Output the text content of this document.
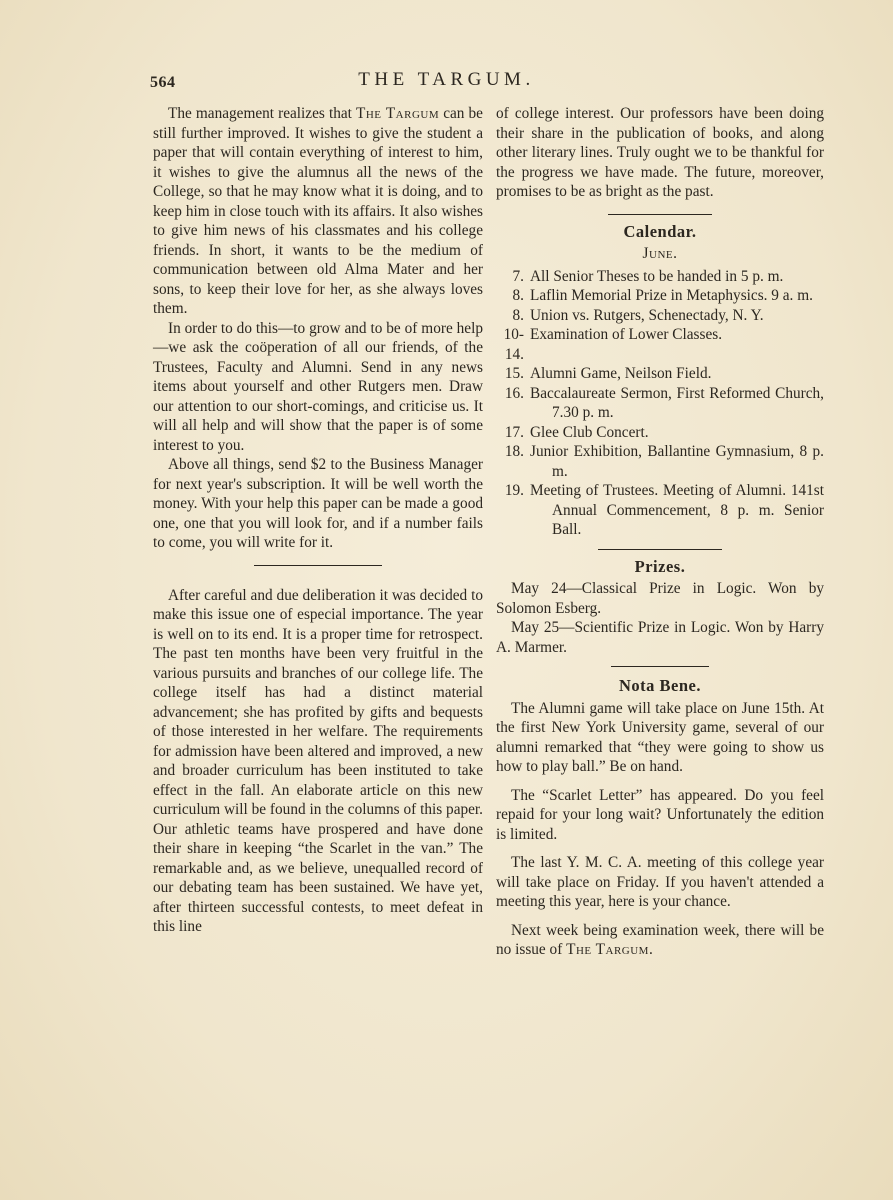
564	THE TARGUM.

The management realizes that The Targum can be still further improved. It wishes to give the student a paper that will contain everything of interest to him, it wishes to give the alumnus all the news of the College, so that he may know what it is doing, and to keep him in close touch with its affairs. It also wishes to give him news of his classmates and his college friends. In short, it wants to be the medium of communication between old Alma Mater and her sons, to keep their love for her, as she always loves them.

In order to do this—to grow and to be of more help—we ask the coöperation of all our friends, of the Trustees, Faculty and Alumni. Send in any news items about yourself and other Rutgers men. Draw our attention to our short-comings, and criticise us. It will all help and will show that the paper is of some interest to you.

Above all things, send $2 to the Business Manager for next year's subscription. It will be well worth the money. With your help this paper can be made a good one, one that you will look for, and if a number fails to come, you will write for it.

After careful and due deliberation it was decided to make this issue one of especial importance. The year is well on to its end. It is a proper time for retrospect. The past ten months have been very fruitful in the various pursuits and branches of our college life. The college itself has had a distinct material advancement; she has profited by gifts and bequests of those interested in her welfare. The requirements for admission have been altered and improved, a new and broader curriculum has been instituted to take effect in the fall. An elaborate article on this new curriculum will be found in the columns of this paper. Our athletic teams have prospered and have done their share in keeping “the Scarlet in the van.” The remarkable and, as we believe, unequalled record of our debating team has been sustained. We have yet, after thirteen successful contests, to meet defeat in this line

of college interest. Our professors have been doing their share in the publication of books, and along other literary lines. Truly ought we to be thankful for the progress we have made. The future, moreover, promises to be as bright as the past.

Calendar.
June.
7. All Senior Theses to be handed in 5 p. m.
8. Laflin Memorial Prize in Metaphysics. 9 a. m.
8. Union vs. Rutgers, Schenectady, N. Y.
10-14.
Examination of Lower Classes.
15. Alumni Game, Neilson Field.
16. Baccalaureate Sermon, First Reformed Church, 7.30 p. m.
17. Glee Club Concert.
18. Junior Exhibition, Ballantine Gymnasium, 8 p. m.
19. Meeting of Trustees. Meeting of Alumni. 141st Annual Commencement, 8 p. m. Senior Ball.
Prizes.

May 24—Classical Prize in Logic. Won by Solomon Esberg.

May 25—Scientific Prize in Logic. Won by Harry A. Marmer.

Nota Bene.

The Alumni game will take place on June 15th. At the first New York University game, several of our alumni remarked that “they were going to show us how to play ball.” Be on hand.

The “Scarlet Letter” has appeared. Do you feel repaid for your long wait? Unfortunately the edition is limited.

The last Y. M. C. A. meeting of this college year will take place on Friday. If you haven't attended a meeting this year, here is your chance.

Next week being examination week, there will be no issue of The Targum.
